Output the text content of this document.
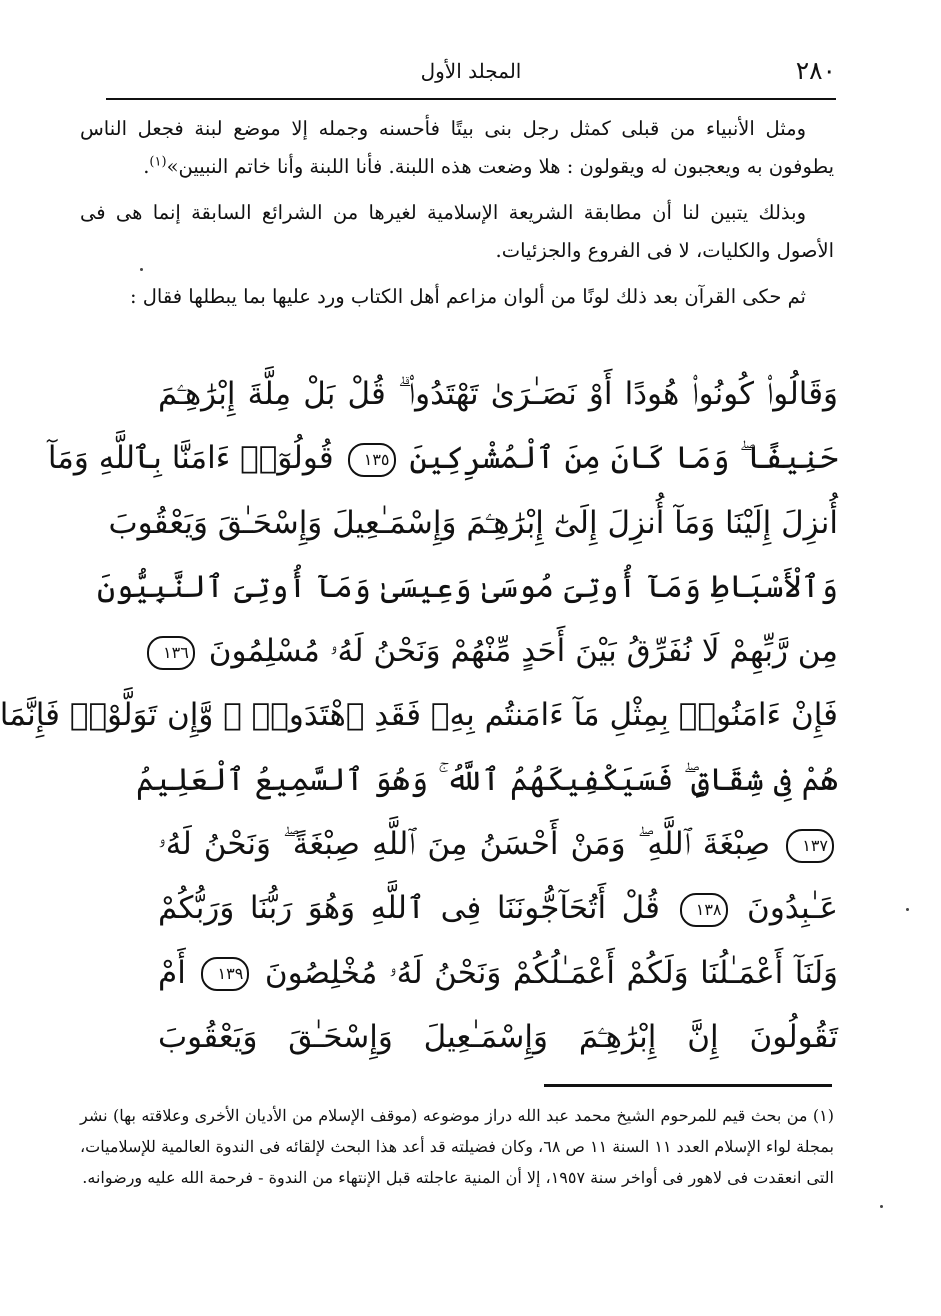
٢٨٠
المجلد الأول

ومثل الأنبياء من قبلى كمثل رجل بنى بيتًا فأحسنه وجمله إلا موضع لبنة فجعل الناس يطوفون به ويعجبون له ويقولون : هلا وضعت هذه اللبنة. فأنا اللبنة وأنا خاتم النبيين»$^{(١)}$.

وبذلك يتبين لنا أن مطابقة الشريعة الإسلامية لغيرها من الشرائع السابقة إنما هى فى الأصول والكليات، لا فى الفروع والجزئيات.

ثم حكى القرآن بعد ذلك لونًا من ألوان مزاعم أهل الكتاب ورد عليها بما يبطلها فقال :

وَقَالُوا۟ كُونُوا۟ هُودًا أَوْ نَصَـٰرَىٰ تَهْتَدُوا۟ ۗ قُلْ بَلْ مِلَّةَ إِبْرَٰهِـۧمَ
حَنِيفًا ۖ وَمَا كَانَ مِنَ ٱلْمُشْرِكِينَ ١٣٥ قُولُوٓا۟ ءَامَنَّا بِٱللَّهِ وَمَآ
أُنزِلَ إِلَيْنَا وَمَآ أُنزِلَ إِلَىٰٓ إِبْرَٰهِـۧمَ وَإِسْمَـٰعِيلَ وَإِسْحَـٰقَ وَيَعْقُوبَ
وَٱلْأَسْبَاطِ وَمَآ أُوتِىَ مُوسَىٰ وَعِيسَىٰ وَمَآ أُوتِىَ ٱلنَّبِيُّونَ
مِن رَّبِّهِمْ لَا نُفَرِّقُ بَيْنَ أَحَدٍ مِّنْهُمْ وَنَحْنُ لَهُۥ مُسْلِمُونَ ١٣٦
فَإِنْ ءَامَنُوا۟ بِمِثْلِ مَآ ءَامَنتُم بِهِۦ فَقَدِ ٱهْتَدَوا۟ ۖ وَّإِن تَوَلَّوْا۟ فَإِنَّمَا
هُمْ فِى شِقَاقٍ ۖ فَسَيَكْفِيكَهُمُ ٱللَّهُ ۚ وَهُوَ ٱلسَّمِيعُ ٱلْعَلِيمُ
١٣٧ صِبْغَةَ ٱللَّهِ ۖ وَمَنْ أَحْسَنُ مِنَ ٱللَّهِ صِبْغَةً ۖ وَنَحْنُ لَهُۥ
عَـٰبِدُونَ ١٣٨ قُلْ أَتُحَآجُّونَنَا فِى ٱللَّهِ وَهُوَ رَبُّنَا وَرَبُّكُمْ
وَلَنَآ أَعْمَـٰلُنَا وَلَكُمْ أَعْمَـٰلُكُمْ وَنَحْنُ لَهُۥ مُخْلِصُونَ ١٣٩ أَمْ
تَقُولُونَ إِنَّ إِبْرَٰهِـۧمَ وَإِسْمَـٰعِيلَ وَإِسْحَـٰقَ وَيَعْقُوبَ

(١) من بحث قيم للمرحوم الشيخ محمد عبد الله دراز موضوعه (موقف الإسلام من الأديان الأخرى وعلاقته بها) نشر بمجلة لواء الإسلام العدد ١١ السنة ١١ ص ٦٨، وكان فضيلته قد أعد هذا البحث لإلقائه فى الندوة العالمية للإسلاميات، التى انعقدت فى لاهور فى أواخر سنة ١٩٥٧، إلا أن المنية عاجلته قبل الإنتهاء من الندوة - فرحمة الله عليه ورضوانه.
